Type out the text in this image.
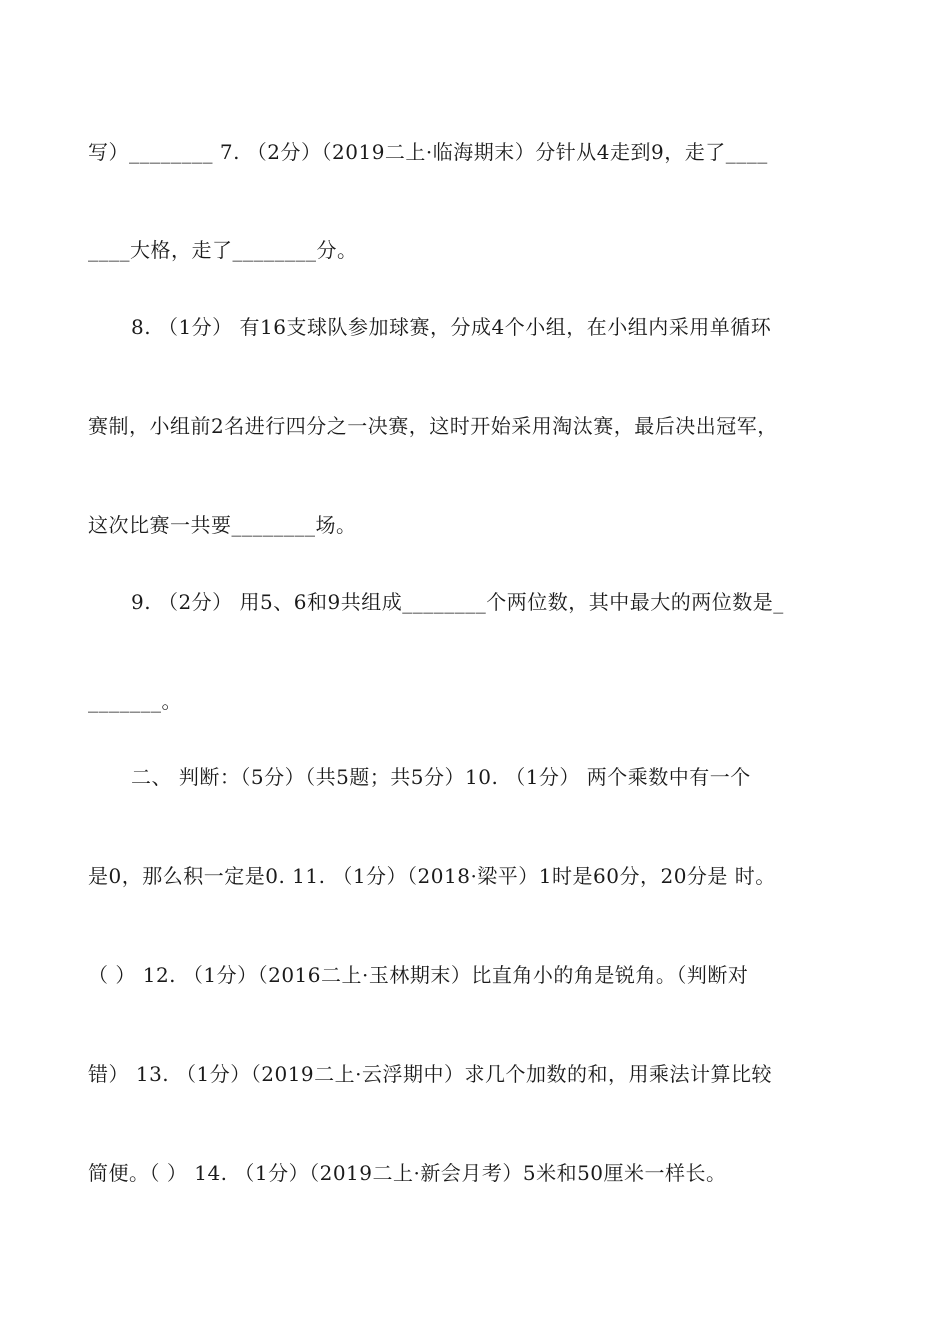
写）________ 7. （2分）（2019二上·临海期末）分针从4走到9，走了____
____大格，走了________分。
8. （1分） 有16支球队参加球赛，分成4个小组，在小组内采用单循环
赛制，小组前2名进行四分之一决赛，这时开始采用淘汰赛，最后决出冠军，
这次比赛一共要________场。
9. （2分） 用5、6和9共组成________个两位数，其中最大的两位数是_
_______。
二、 判断：（5分）（共5题；共5分）10. （1分） 两个乘数中有一个
是0，那么积一定是0. 11. （1分）（2018·梁平）1时是60分，20分是 时。
（ ） 12. （1分）（2016二上·玉林期末）比直角小的角是锐角。（判断对
错） 13. （1分）（2019二上·云浮期中）求几个加数的和，用乘法计算比较
简便。（ ） 14. （1分）（2019二上·新会月考）5米和50厘米一样长。
